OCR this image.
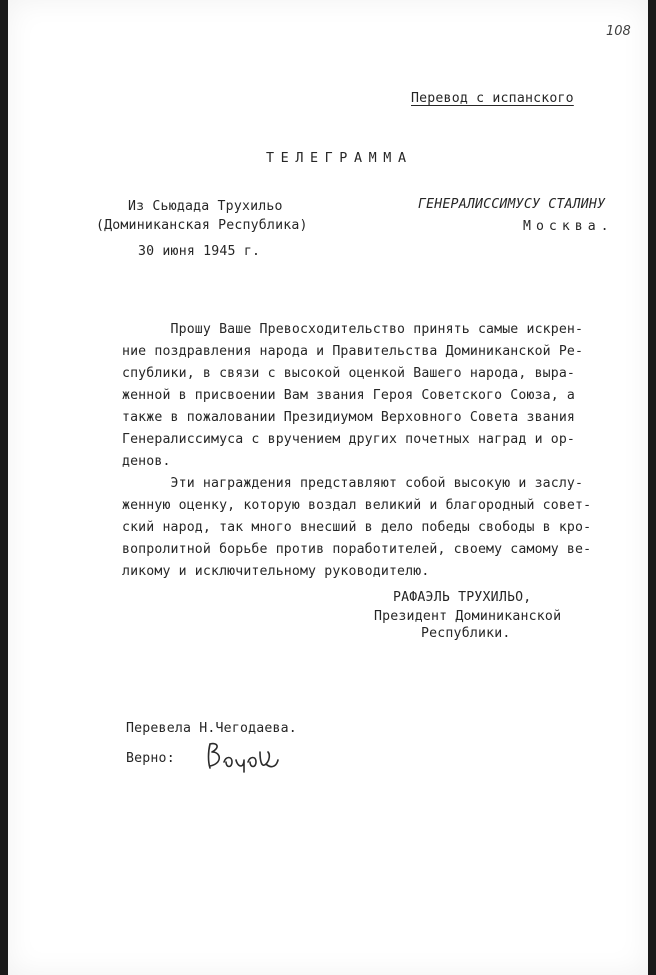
108
Перевод с испанского
ТЕЛЕГРАММА
Из Сьюдада Трухильо
(Доминиканская Республика)
30 июня 1945 г.
ГЕНЕРАЛИССИМУСУ СТАЛИНУ
Москва.
Прошу Ваше Превосходительство принять самые искрен-
ние поздравления народа и Правительства Доминиканской Ре-
спублики, в связи с высокой оценкой Вашего народа, выра-
женной в присвоении Вам звания Героя Советского Союза, а
также в пожаловании Президиумом Верховного Совета звания
Генералиссимуса с вручением других почетных наград и ор-
денов.
Эти награждения представляют собой высокую и заслу-
женную оценку, которую воздал великий и благородный совет-
ский народ, так много внесший в дело победы свободы в кро-
вопролитной борьбе против поработителей, своему самому ве-
ликому и исключительному руководителю.
РАФАЭЛЬ ТРУХИЛЬО,
Президент Доминиканской
Республики.
Перевела Н.Чегодаева.
Верно:
